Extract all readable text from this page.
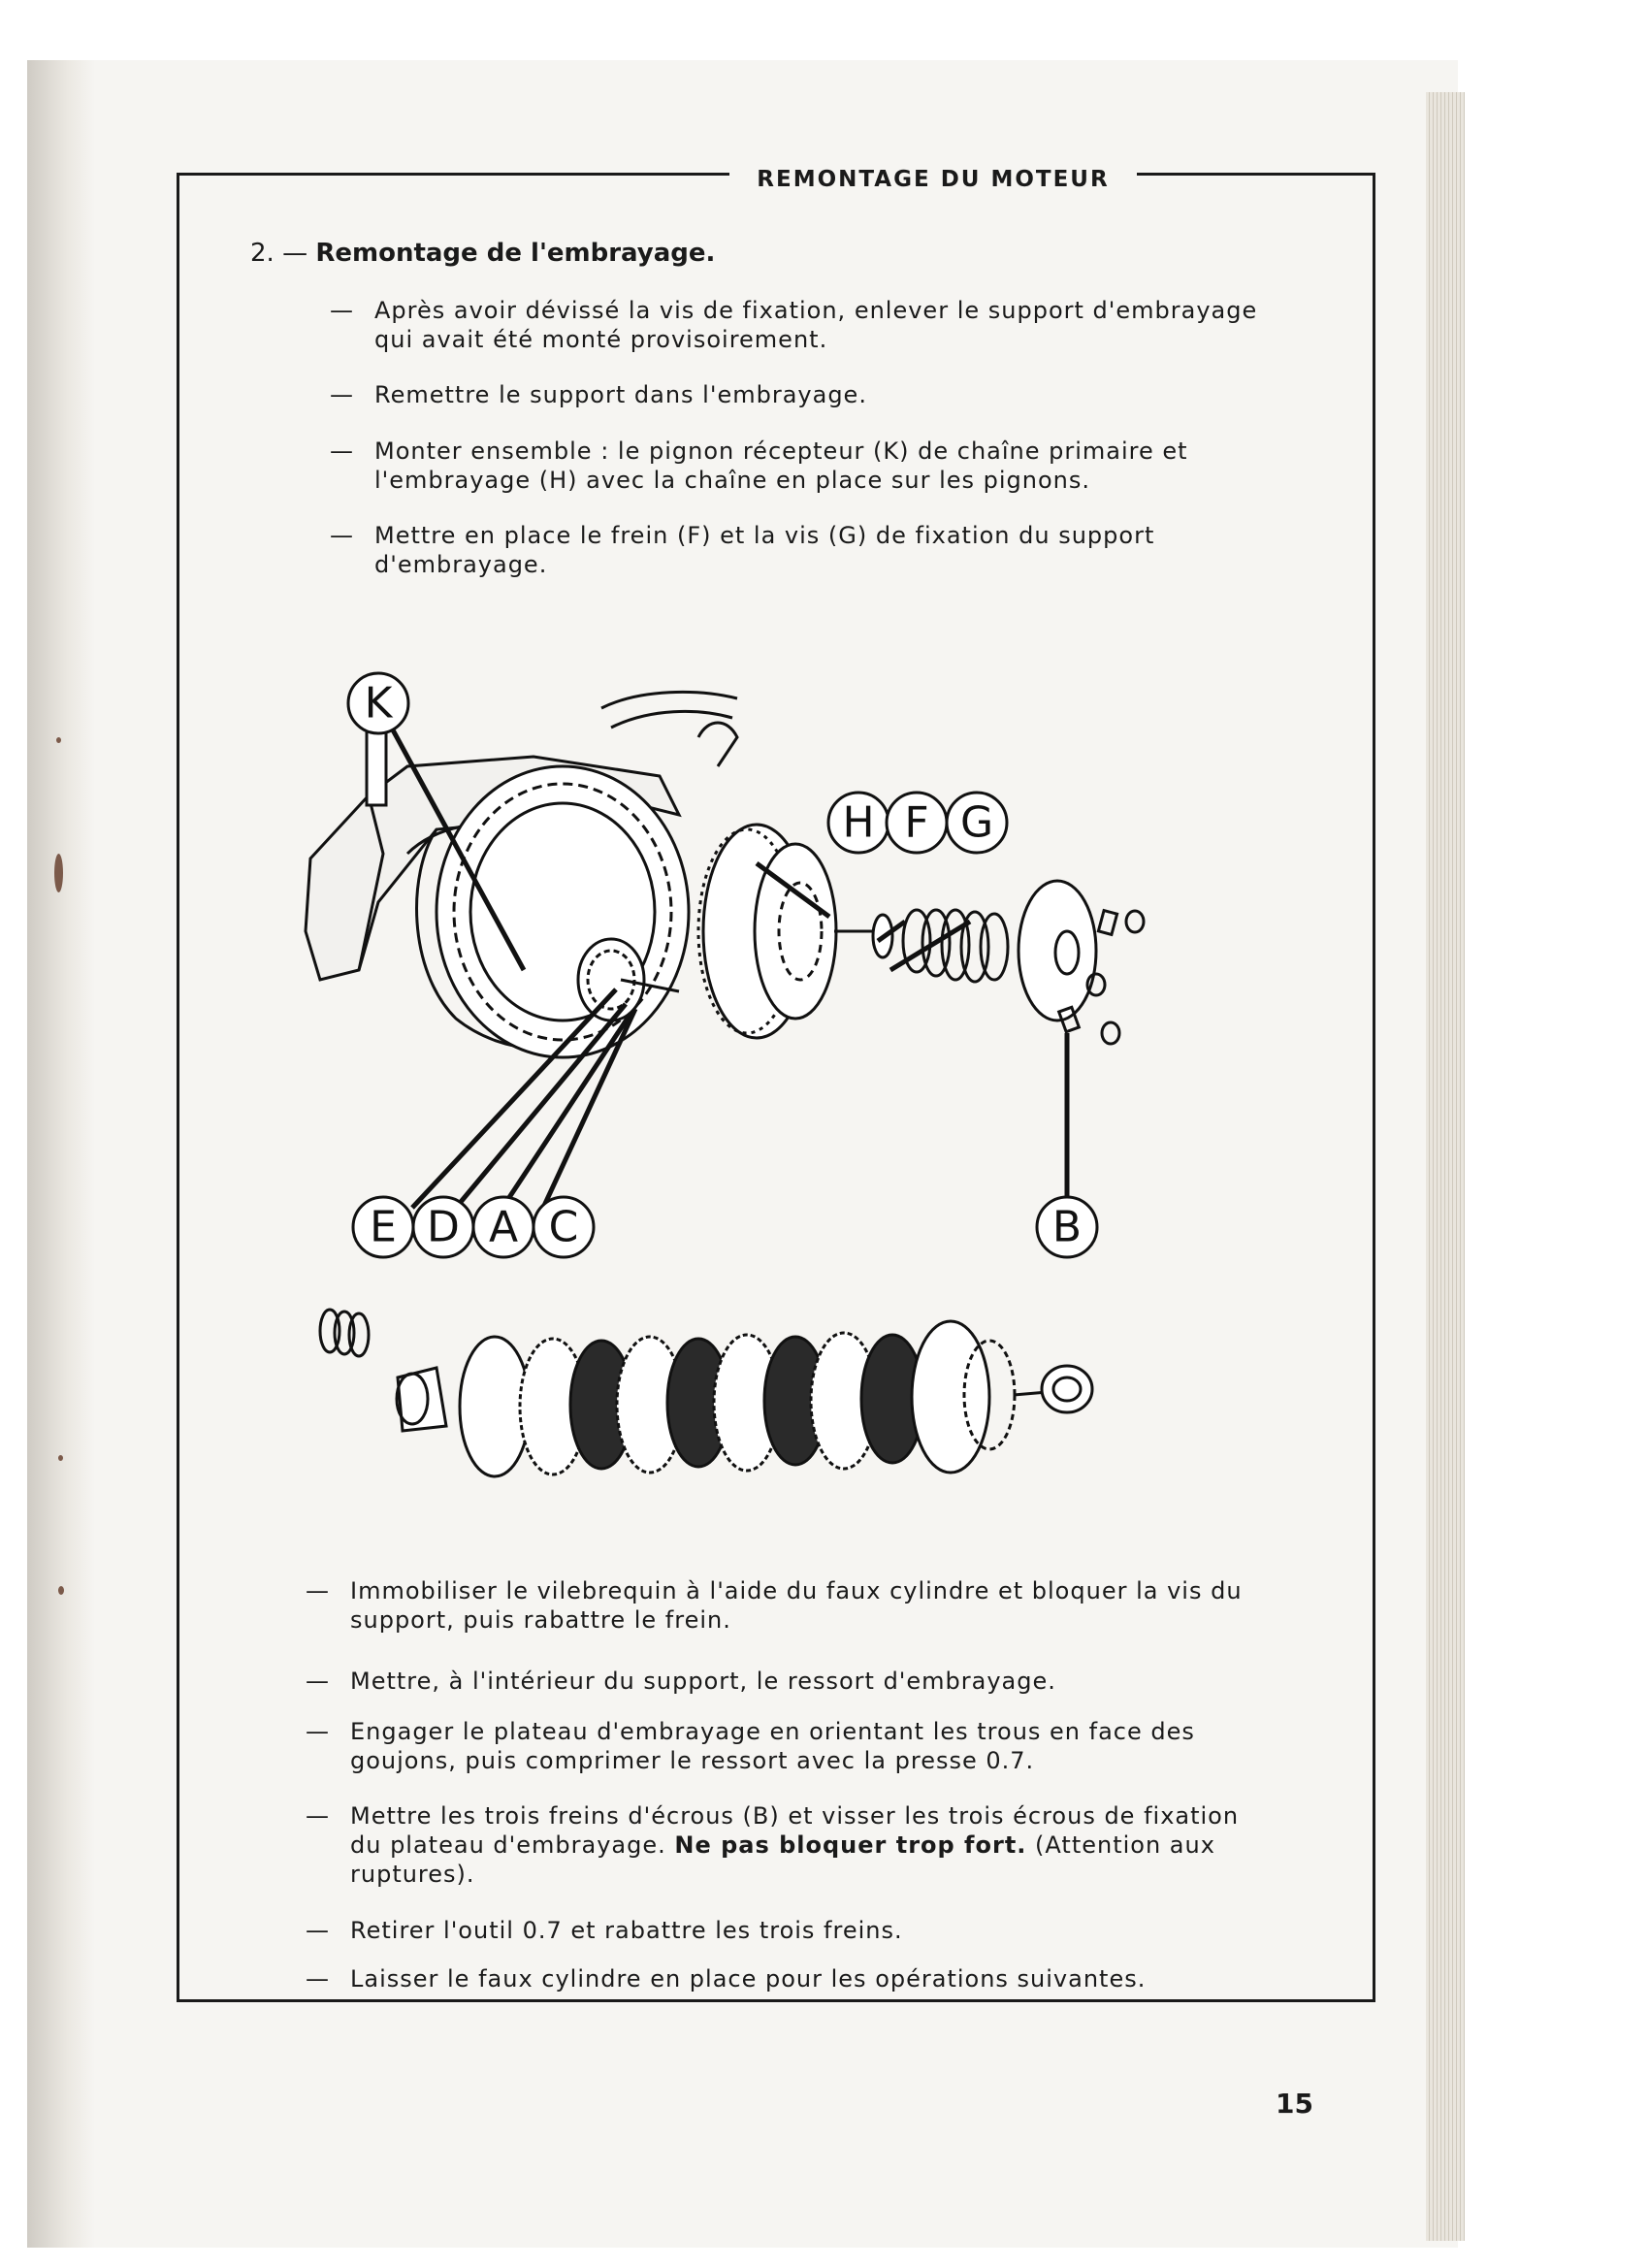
REMONTAGE DU MOTEUR
2. — Remontage de l'embrayage.
— Après avoir dévissé la vis de fixation, enlever le support d'embrayage qui avait été monté provisoirement.
— Remettre le support dans l'embrayage.
— Monter ensemble : le pignon récepteur (K) de chaîne primaire et l'embrayage (H) avec la chaîne en place sur les pignons.
— Mettre en place le frein (F) et la vis (G) de fixation du support d'embrayage.
K
H F G
E D A C	B
— Immobiliser le vilebrequin à l'aide du faux cylindre et bloquer la vis du support, puis rabattre le frein.
— Mettre, à l'intérieur du support, le ressort d'embrayage.
— Engager le plateau d'embrayage en orientant les trous en face des goujons, puis comprimer le ressort avec la presse 0.7.
— Mettre les trois freins d'écrous (B) et visser les trois écrous de fixation du plateau d'embrayage. Ne pas bloquer trop fort. (Attention aux ruptures).
— Retirer l'outil 0.7 et rabattre les trois freins.
— Laisser le faux cylindre en place pour les opérations suivantes.
15
